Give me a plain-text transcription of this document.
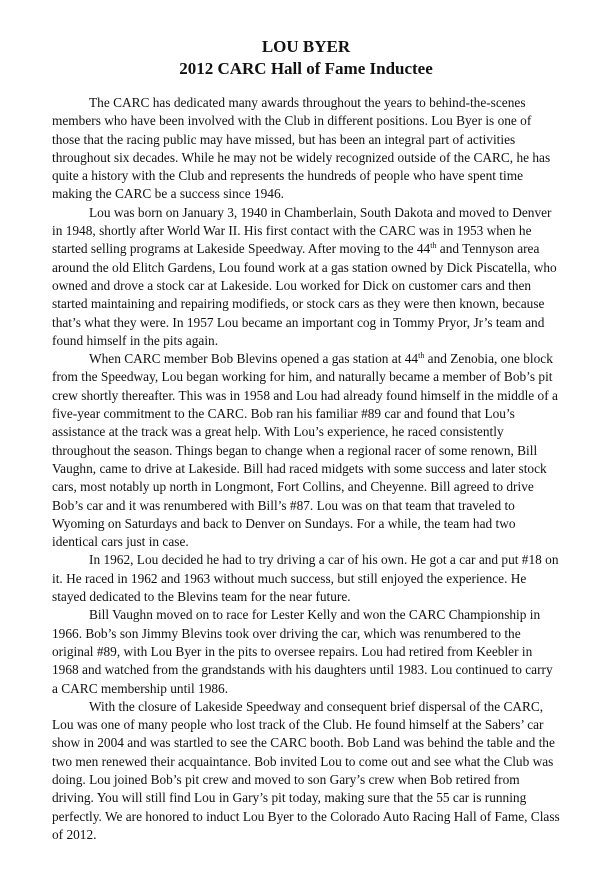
LOU BYER
2012 CARC Hall of Fame Inductee

The CARC has dedicated many awards throughout the years to behind-the-scenes members who have been involved with the Club in different positions. Lou Byer is one of those that the racing public may have missed, but has been an integral part of activities throughout six decades. While he may not be widely recognized outside of the CARC, he has quite a history with the Club and represents the hundreds of people who have spent time making the CARC be a success since 1946.

Lou was born on January 3, 1940 in Chamberlain, South Dakota and moved to Denver in 1948, shortly after World War II. His first contact with the CARC was in 1953 when he started selling programs at Lakeside Speedway. After moving to the 44th and Tennyson area around the old Elitch Gardens, Lou found work at a gas station owned by Dick Piscatella, who owned and drove a stock car at Lakeside. Lou worked for Dick on customer cars and then started maintaining and repairing modifieds, or stock cars as they were then known, because that’s what they were. In 1957 Lou became an important cog in Tommy Pryor, Jr’s team and found himself in the pits again.

When CARC member Bob Blevins opened a gas station at 44th and Zenobia, one block from the Speedway, Lou began working for him, and naturally became a member of Bob’s pit crew shortly thereafter. This was in 1958 and Lou had already found himself in the middle of a five-year commitment to the CARC. Bob ran his familiar #89 car and found that Lou’s assistance at the track was a great help. With Lou’s experience, he raced consistently throughout the season. Things began to change when a regional racer of some renown, Bill Vaughn, came to drive at Lakeside. Bill had raced midgets with some success and later stock cars, most notably up north in Longmont, Fort Collins, and Cheyenne. Bill agreed to drive Bob’s car and it was renumbered with Bill’s #87. Lou was on that team that traveled to Wyoming on Saturdays and back to Denver on Sundays. For a while, the team had two identical cars just in case.

In 1962, Lou decided he had to try driving a car of his own. He got a car and put #18 on it. He raced in 1962 and 1963 without much success, but still enjoyed the experience. He stayed dedicated to the Blevins team for the near future.

Bill Vaughn moved on to race for Lester Kelly and won the CARC Championship in 1966. Bob’s son Jimmy Blevins took over driving the car, which was renumbered to the original #89, with Lou Byer in the pits to oversee repairs. Lou had retired from Keebler in 1968 and watched from the grandstands with his daughters until 1983. Lou continued to carry a CARC membership until 1986.

With the closure of Lakeside Speedway and consequent brief dispersal of the CARC, Lou was one of many people who lost track of the Club. He found himself at the Sabers’ car show in 2004 and was startled to see the CARC booth. Bob Land was behind the table and the two men renewed their acquaintance. Bob invited Lou to come out and see what the Club was doing. Lou joined Bob’s pit crew and moved to son Gary’s crew when Bob retired from driving. You will still find Lou in Gary’s pit today, making sure that the 55 car is running perfectly. We are honored to induct Lou Byer to the Colorado Auto Racing Hall of Fame, Class of 2012.
